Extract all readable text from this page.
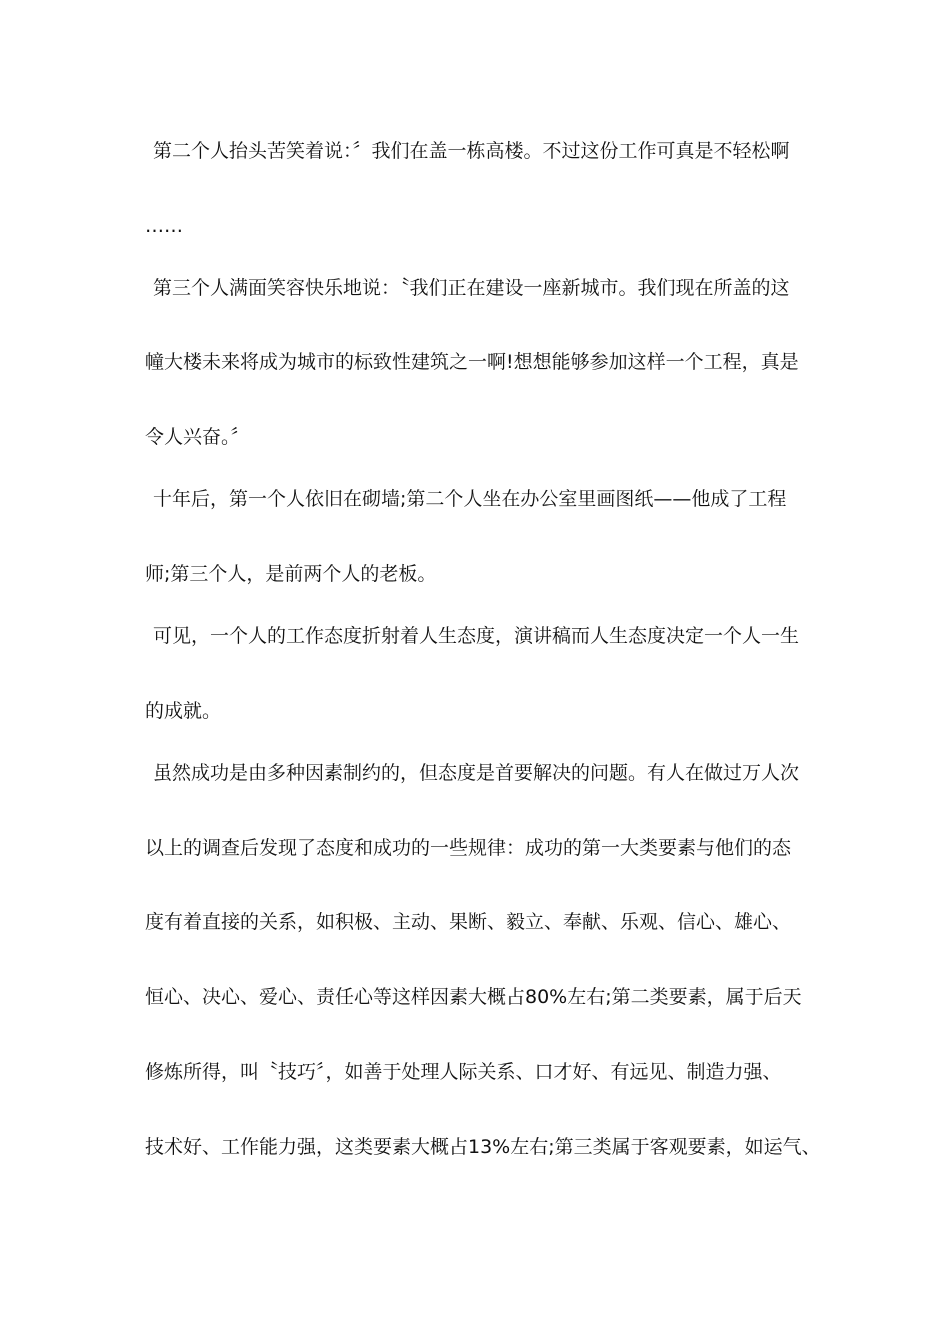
第二个人抬头苦笑着说：〞我们在盖一栋高楼。不过这份工作可真是不轻松啊
……
第三个人满面笑容快乐地说：〝我们正在建设一座新城市。我们现在所盖的这
幢大楼未来将成为城市的标致性建筑之一啊!想想能够参加这样一个工程，真是
令人兴奋。〞
十年后，第一个人依旧在砌墙;第二个人坐在办公室里画图纸——他成了工程
师;第三个人，是前两个人的老板。
可见，一个人的工作态度折射着人生态度，演讲稿而人生态度决定一个人一生
的成就。
虽然成功是由多种因素制约的，但态度是首要解决的问题。有人在做过万人次
以上的调查后发现了态度和成功的一些规律：成功的第一大类要素与他们的态
度有着直接的关系，如积极、主动、果断、毅立、奉献、乐观、信心、雄心、
恒心、决心、爱心、责任心等这样因素大概占80%左右;第二类要素，属于后天
修炼所得，叫〝技巧〞，如善于处理人际关系、口才好、有远见、制造力强、
技术好、工作能力强，这类要素大概占13%左右;第三类属于客观要素，如运气、
